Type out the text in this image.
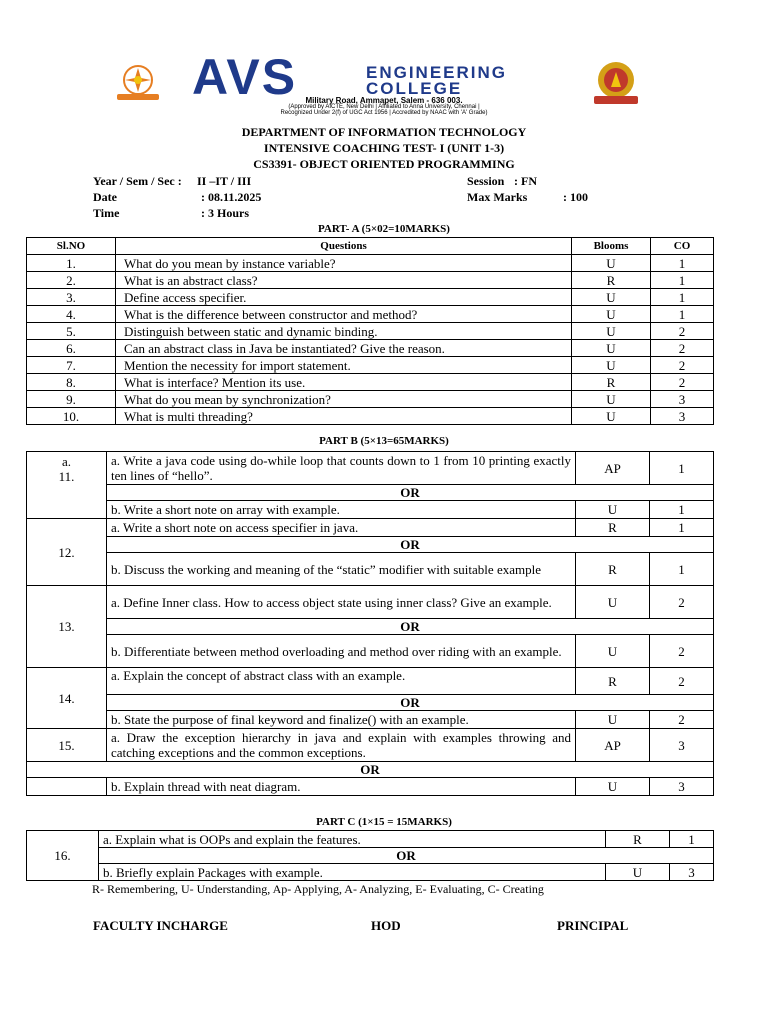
AVS	ENGINEERING
COLLEGE
Military Road, Ammapet, Salem - 636 003.
(Approved by AICTE, New Delhi | Affiliated to Anna University, Chennai |
Recognized Under 2(f) of UGC Act 1956 | Accredited by NAAC with 'A' Grade)
DEPARTMENT OF INFORMATION TECHNOLOGY
INTENSIVE COACHING TEST- I (UNIT 1-3)
CS3391- OBJECT ORIENTED PROGRAMMING
Year / Sem / Sec : II –IT / III	Session : FN
Date	: 08.11.2025	Max Marks	: 100
Time	: 3 Hours
PART- A (5×02=10MARKS)
Sl.NO	Questions	Blooms	CO
1.	What do you mean by instance variable?	U	1
2.	What is an abstract class?	R	1
3.	Define access specifier.	U	1
4.	What is the difference between constructor and method?	U	1
5.	Distinguish between static and dynamic binding.	U	2
6.	Can an abstract class in Java be instantiated? Give the reason.	U	2
7.	Mention the necessity for import statement.	U	2
8.	What is interface? Mention its use.	R	2
9.	What do you mean by synchronization?	U	3
10.	What is multi threading?	U	3
PART B (5×13=65MARKS)
a.
11.	a. Write a java code using do-while loop that counts down to 1 from 10 printing exactly ten lines of “hello”.	AP	1
	OR		
	b. Write a short note on array with example.	U	1
12.	a. Write a short note on access specifier in java.	R	1
	OR		
	b. Discuss the working and meaning of the “static” modifier with suitable example	R	1
13.	a. Define Inner class. How to access object state using inner class? Give an example.	U	2
	OR		
	b. Differentiate between method overloading and method over riding with an example.	U	2
14.	a. Explain the concept of abstract class with an example.	R	2
	OR		
	b. State the purpose of final keyword and finalize() with an example.	U	2
15.	a. Draw the exception hierarchy in java and explain with examples throwing and catching exceptions and the common exceptions.	AP	3
OR			
	b. Explain thread with neat diagram.	U	3
PART C (1×15 = 15MARKS)
16.	a. Explain what is OOPs and explain the features.	R	1
	OR		
	b. Briefly explain Packages with example.	U	3
R- Remembering, U- Understanding, Ap- Applying, A- Analyzing, E- Evaluating, C- Creating
FACULTY INCHARGE	HOD	PRINCIPAL
